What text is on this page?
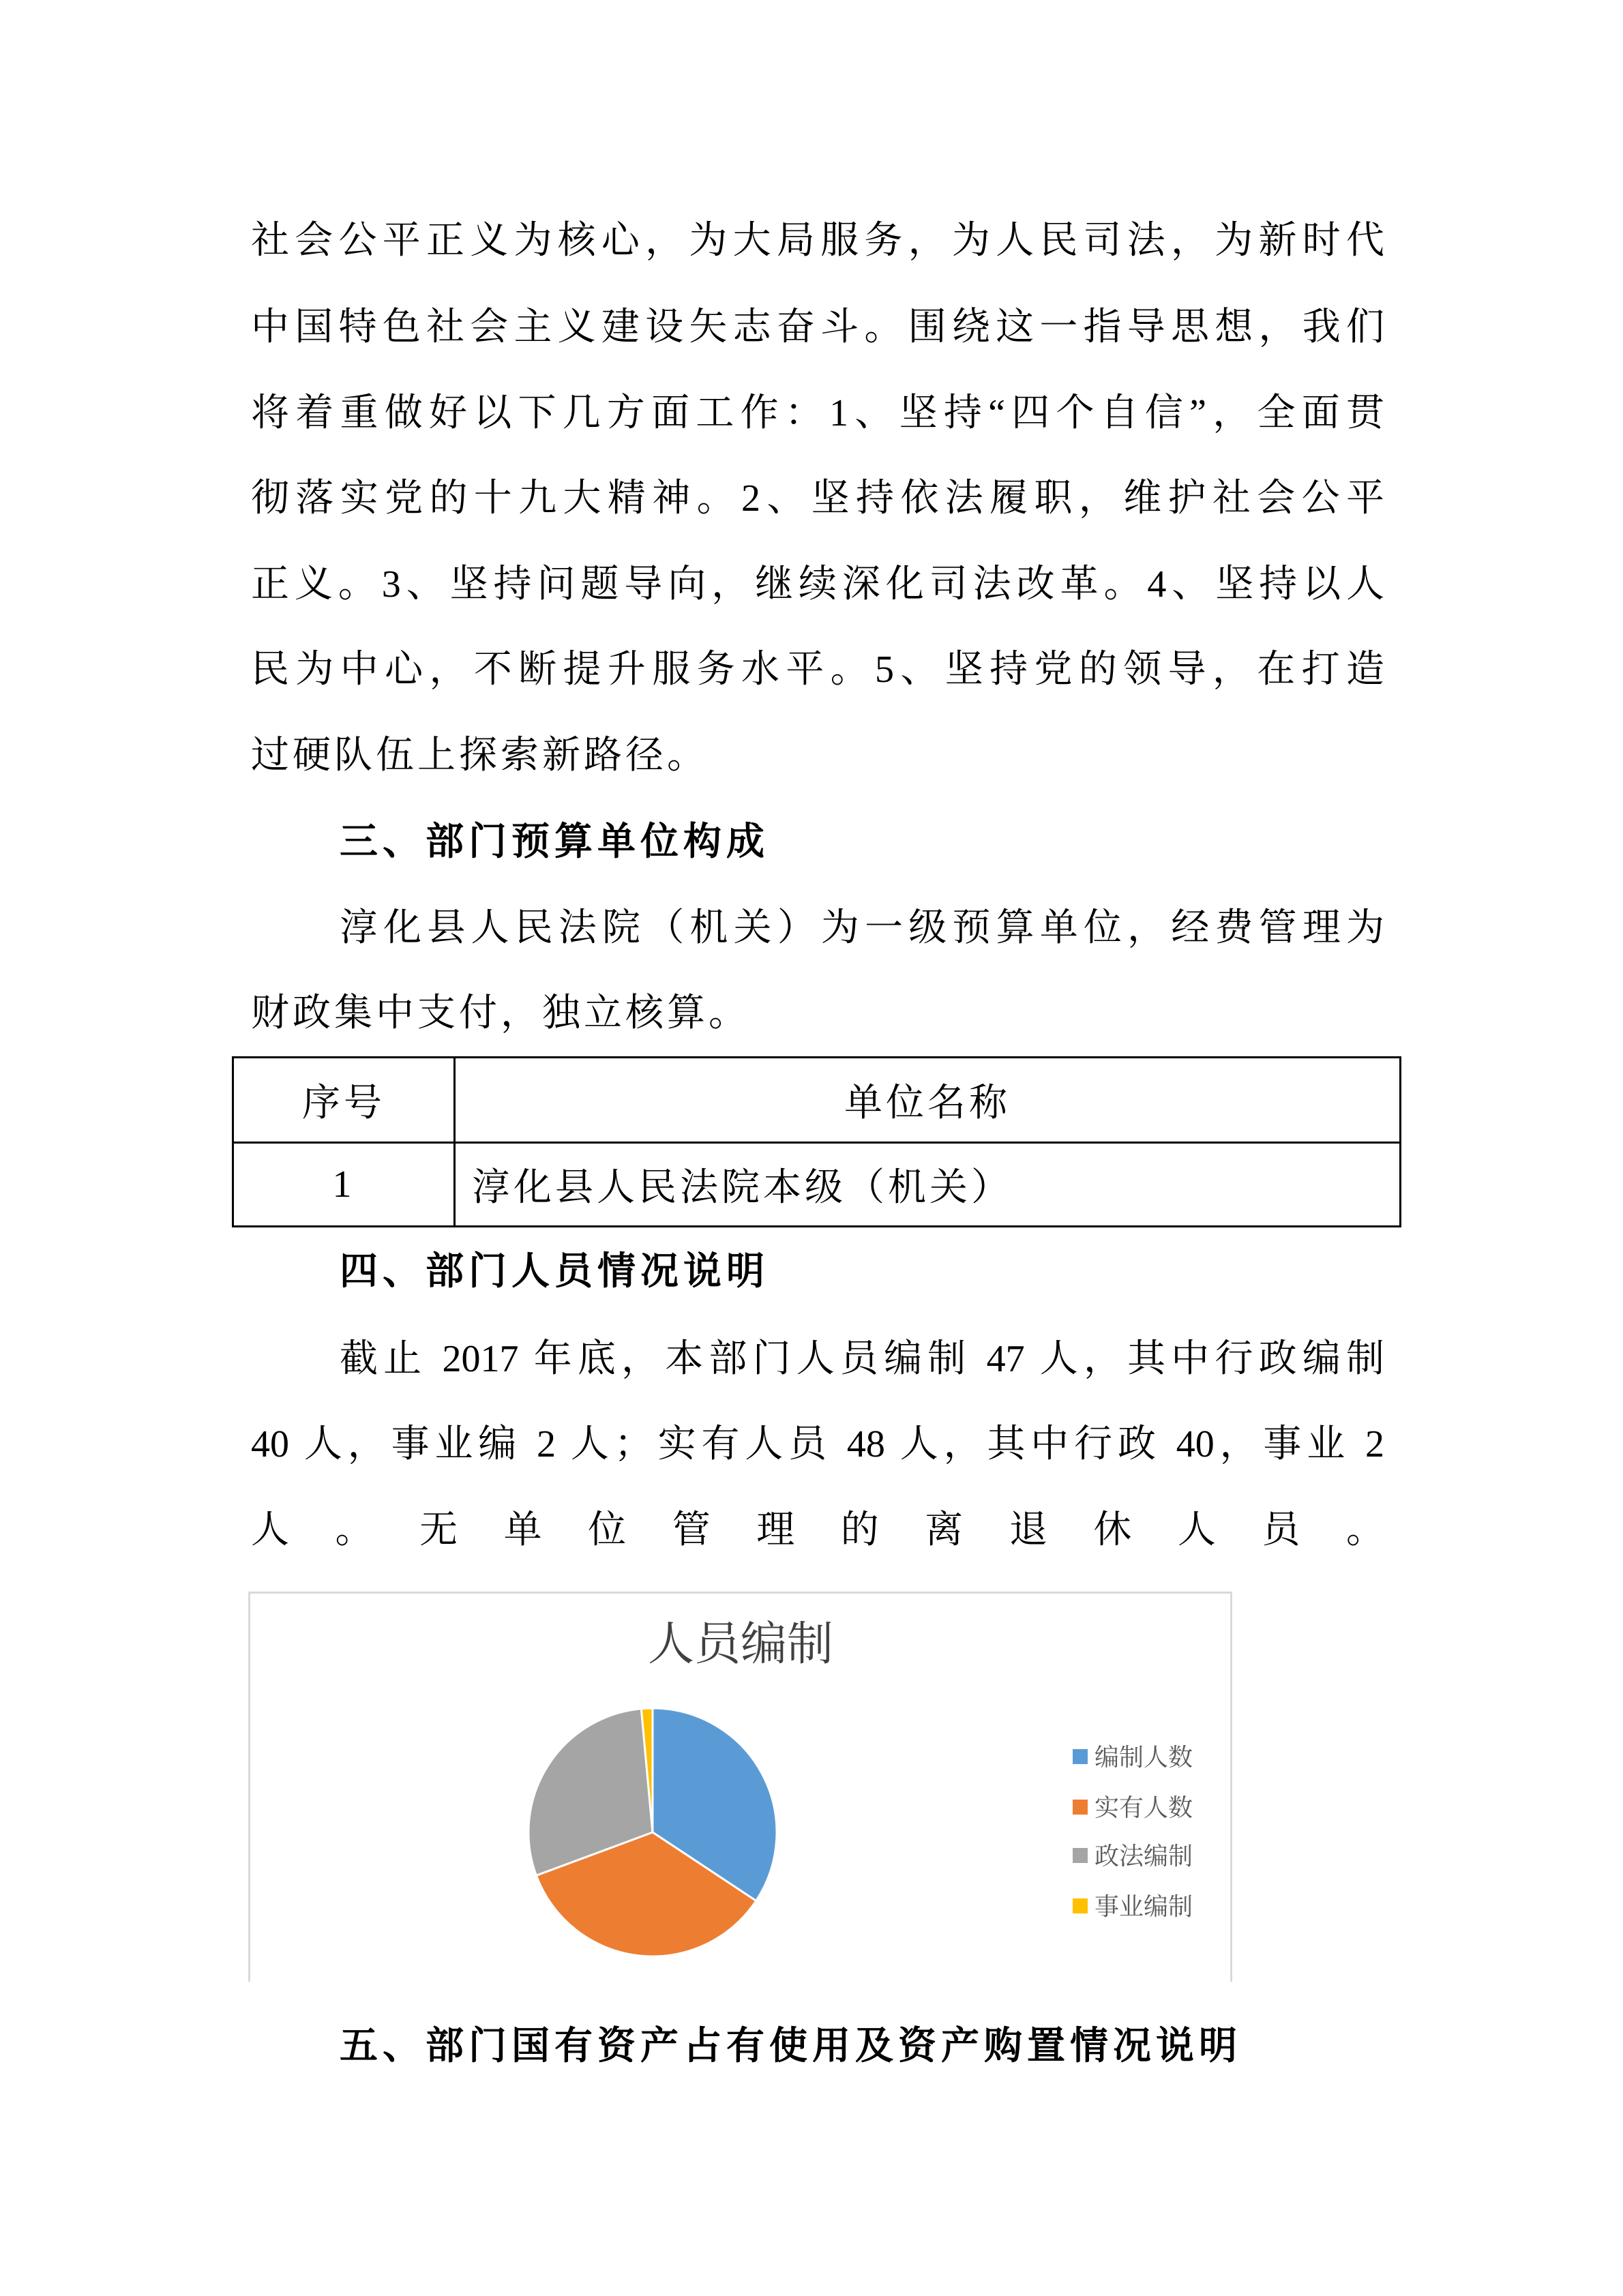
社会公平正义为核心，为大局服务，为人民司法，为新时代
中国特色社会主义建设矢志奋斗。围绕这一指导思想，我们
将着重做好以下几方面工作：1、坚持“四个自信”，全面贯
彻落实党的十九大精神。2、坚持依法履职，维护社会公平
正义。3、坚持问题导向，继续深化司法改革。4、坚持以人
民为中心，不断提升服务水平。5、坚持党的领导，在打造
过硬队伍上探索新路径。
三、部门预算单位构成
淳化县人民法院（机关）为一级预算单位，经费管理为
财政集中支付，独立核算。
序号	单位名称
1	淳化县人民法院本级（机关）
四、部门人员情况说明
截止 2017 年底，本部门人员编制 47 人，其中行政编制
40 人，事业编 2 人；实有人员 48 人，其中行政 40，事业 2
人。无单位管理的离退休人员。
人员编制
编制人数
实有人数
政法编制
事业编制
五、部门国有资产占有使用及资产购置情况说明
